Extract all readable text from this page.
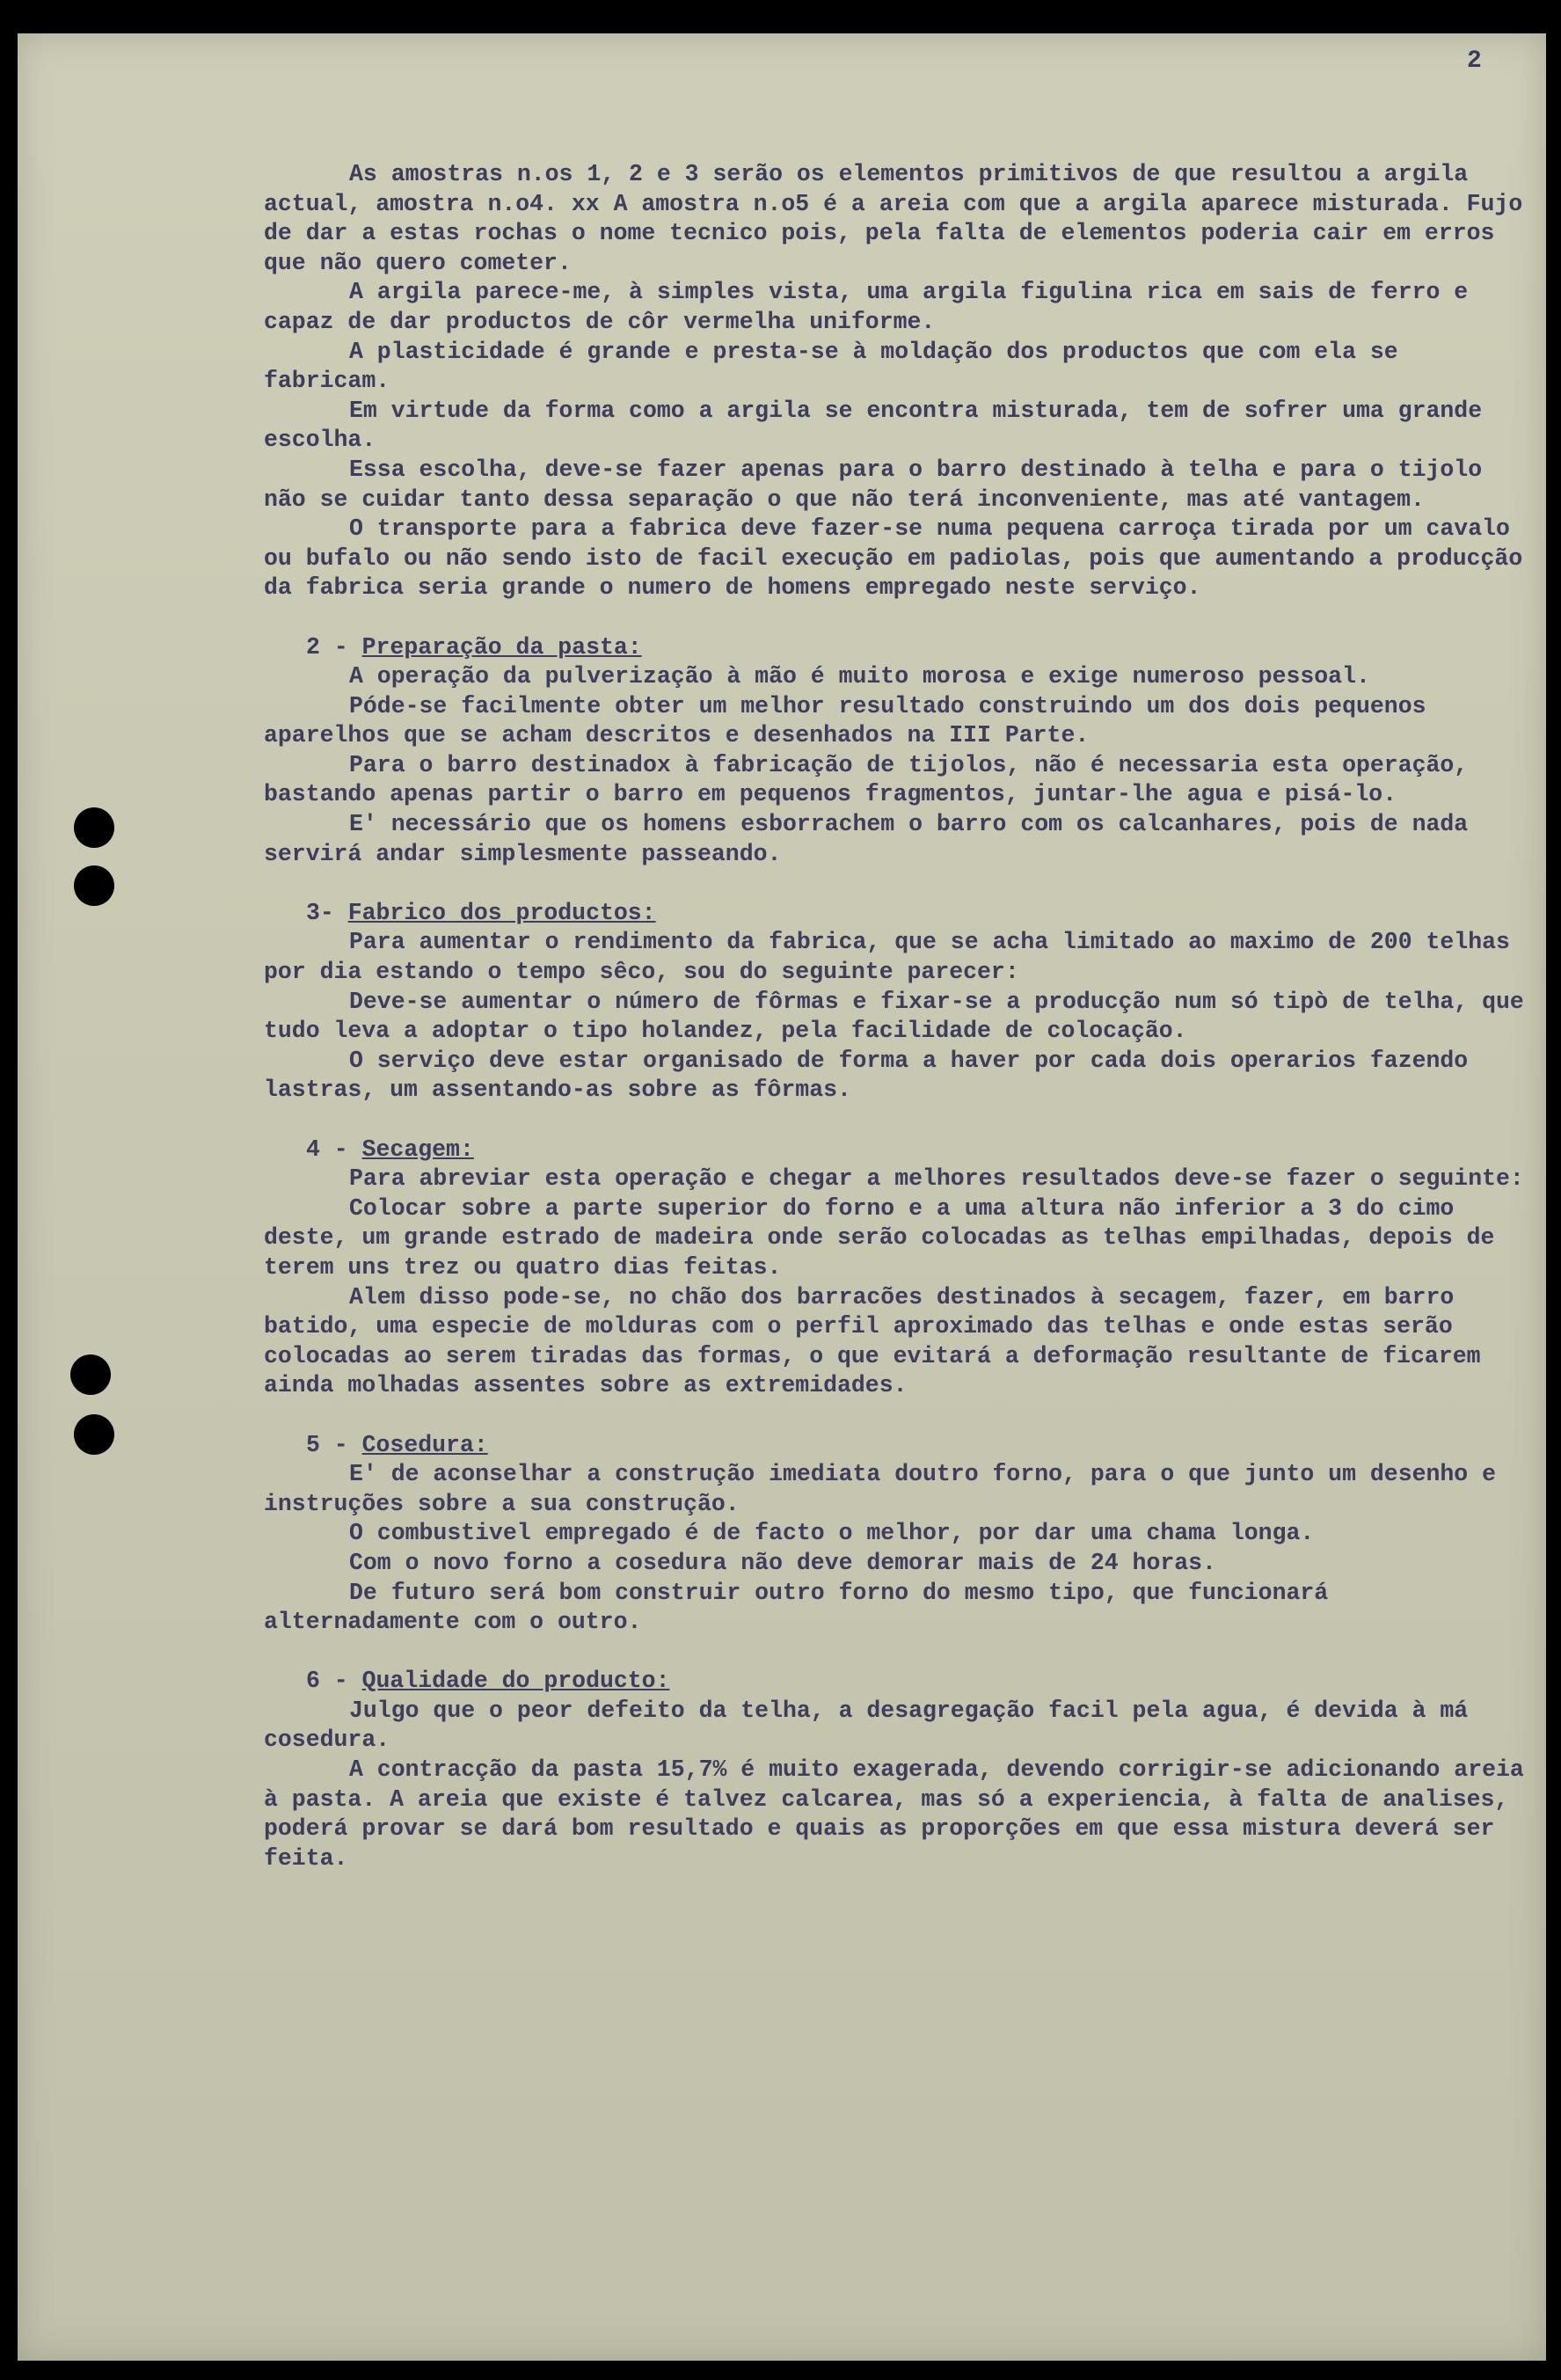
2

As amostras n.os 1, 2 e 3 serão os elementos primitivos de que resultou a argila actual, amostra n.o4. xx A amostra n.o5 é a areia com que a argila aparece misturada. Fujo de dar a estas rochas o nome tecnico pois, pela falta de elementos poderia cair em erros que não quero cometer.

A argila parece-me, à simples vista, uma argila figulina rica em sais de ferro e capaz de dar productos de côr vermelha uniforme.

A plasticidade é grande e presta-se à moldação dos productos que com ela se fabricam.

Em virtude da forma como a argila se encontra misturada, tem de sofrer uma grande escolha.

Essa escolha, deve-se fazer apenas para o barro destinado à telha e para o tijolo não se cuidar tanto dessa separação o que não terá inconveniente, mas até vantagem.

O transporte para a fabrica deve fazer-se numa pequena carroça tirada por um cavalo ou bufalo ou não sendo isto de facil execução em padiolas, pois que aumentando a producção da fabrica seria grande o numero de homens empregado neste serviço.

2 - Preparação da pasta:

A operação da pulverização à mão é muito morosa e exige numeroso pessoal.

Póde-se facilmente obter um melhor resultado construindo um dos dois pequenos aparelhos que se acham descritos e desenhados na III Parte.

Para o barro destinadox à fabricação de tijolos, não é necessaria esta operação, bastando apenas partir o barro em pequenos fragmentos, juntar-lhe agua e pisá-lo.

E' necessário que os homens esborrachem o barro com os calcanhares, pois de nada servirá andar simplesmente passeando.

3- Fabrico dos productos:

Para aumentar o rendimento da fabrica, que se acha limitado ao maximo de 200 telhas por dia estando o tempo sêco, sou do seguinte parecer:

Deve-se aumentar o número de fôrmas e fixar-se a producção num só tipò de telha, que tudo leva a adoptar o tipo holandez, pela facilidade de colocação.

O serviço deve estar organisado de forma a haver por cada dois operarios fazendo lastras, um assentando-as sobre as fôrmas.

4 - Secagem:

Para abreviar esta operação e chegar a melhores resultados deve-se fazer o seguinte:

Colocar sobre a parte superior do forno e a uma altura não inferior a 3 do cimo deste, um grande estrado de madeira onde serão colocadas as telhas empilhadas, depois de terem uns trez ou quatro dias feitas.

Alem disso pode-se, no chão dos barracões destinados à secagem, fazer, em barro batido, uma especie de molduras com o perfil aproximado das telhas e onde estas serão colocadas ao serem tiradas das formas, o que evitará a deformação resultante de ficarem ainda molhadas assentes sobre as extremidades.

5 - Cosedura:

E' de aconselhar a construção imediata doutro forno, para o que junto um desenho e instruções sobre a sua construção.

O combustivel empregado é de facto o melhor, por dar uma chama longa.

Com o novo forno a cosedura não deve demorar mais de 24 horas.

De futuro será bom construir outro forno do mesmo tipo, que funcionará alternadamente com o outro.

6 - Qualidade do producto:

Julgo que o peor defeito da telha, a desagregação facil pela agua, é devida à má cosedura.

A contracção da pasta 15,7% é muito exagerada, devendo corrigir-se adicionando areia à pasta. A areia que existe é talvez calcarea, mas só a experiencia, à falta de analises, poderá provar se dará bom resultado e quais as proporções em que essa mistura deverá ser feita.
